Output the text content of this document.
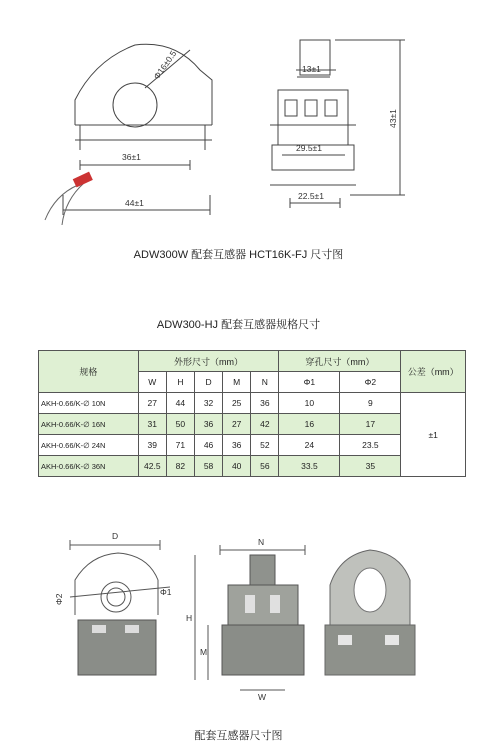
Φ16±0.5
36±1
44±1
13±1
29.5±1
22.5±1
43±1
ADW300W 配套互感器 HCT16K-FJ 尺寸图
ADW300-HJ 配套互感器规格尺寸
规格	外形尺寸（mm）					穿孔尺寸（mm）		公差（mm）
	W	H	D	M	N	Φ1	Φ2	
AKH-0.66/K-∅ 10N	27	44	32	25	36	10	9	±1
AKH-0.66/K-∅ 16N	31	50	36	27	42	16	17	
AKH-0.66/K-∅ 24N	39	71	46	36	52	24	23.5	
AKH-0.66/K-∅ 36N	42.5	82	58	40	56	33.5	35	
D
Φ1
Φ2
N
H
M
W
配套互感器尺寸图
